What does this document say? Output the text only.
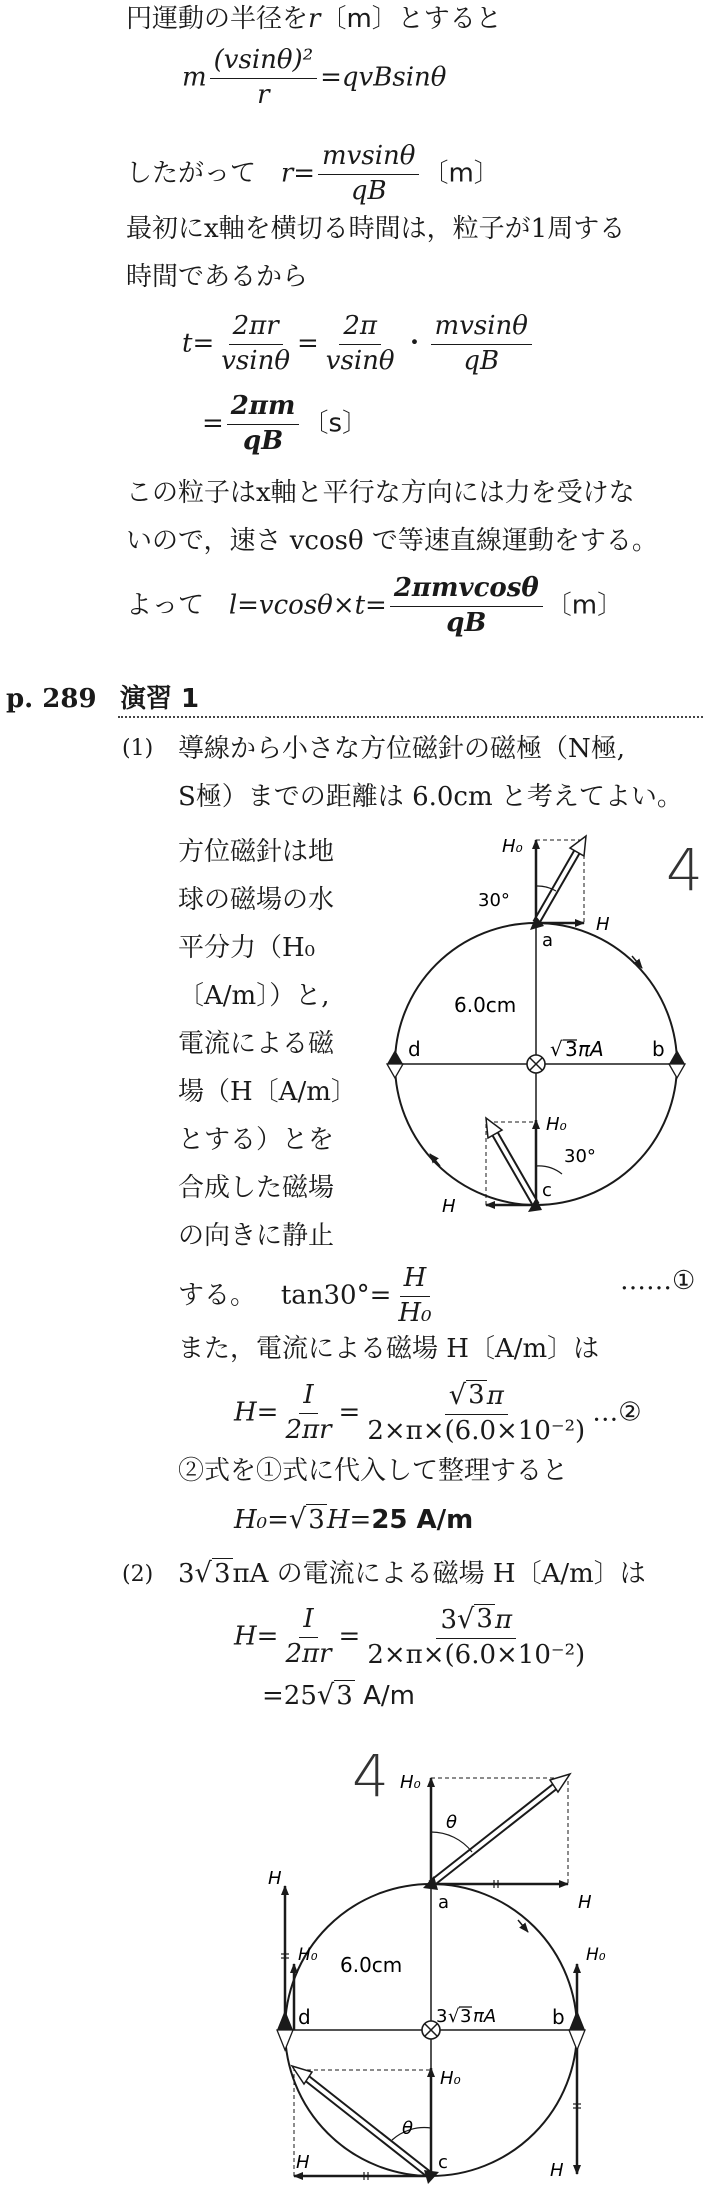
円運動の半径をr〔m〕とすると
m $\frac{\text{(vsinθ)²}}{r} =qvBsin\theta$
したがって $r= \frac{mvsin\theta}{qB}$ 〔m〕
最初にx軸を横切る時間は，粒子が1周する
時間であるから
$t= \frac{2\pi r}{vsin\theta} = \frac{2\pi}{vsin\theta}$ ・ $\frac{mvsin\theta}{qB}$
= $\frac{2\pi m}{qB}$ 〔s〕
この粒子はx軸と平行な方向には力を受けな
いので，速さ vcosθ で等速直線運動をする。
よって $l=vcos\theta\times t= \frac{\text{2πmvcosθ}}{qB}$ 〔m〕
p. 289 演習 1
(1) 導線から小さな方位磁針の磁極（N極,
S極）までの距離は 6.0cm と考えてよい。
方位磁針は地
球の磁場の水
平分力（H₀
〔A/m〕）と,
電流による磁
場（H〔A/m〕
とする）とを
合成した磁場
の向きに静止
H₀
30°
H
a
6.0cm
√ 3 πA
d	b
H₀
30°
c
H
4
する。 $\tan 30^\circ= \frac{H}{\text{H₀}}$	……①
また，電流による磁場 H〔A/m〕は
$H= \frac{I}{2\pi r} = \frac{√ 3 \pi}{\text{2×π×(6.0×10⁻²)}}$ …②
②式を①式に代入して整理すると
H₀= √ 3 H=25 A/m
(2) 3 √ 3 πA の電流による磁場 H〔A/m〕は
$H= \frac{I}{2\pi r} = \frac{3 √ 3 \pi}{\text{2×π×(6.0×10⁻²)}}$
=25 √ 3 A/m
H₀
θ
H
a
6.0cm
3 √ 3 πA
d	b
H
H₀	H₀
H₀
θ
c
H	H
4
